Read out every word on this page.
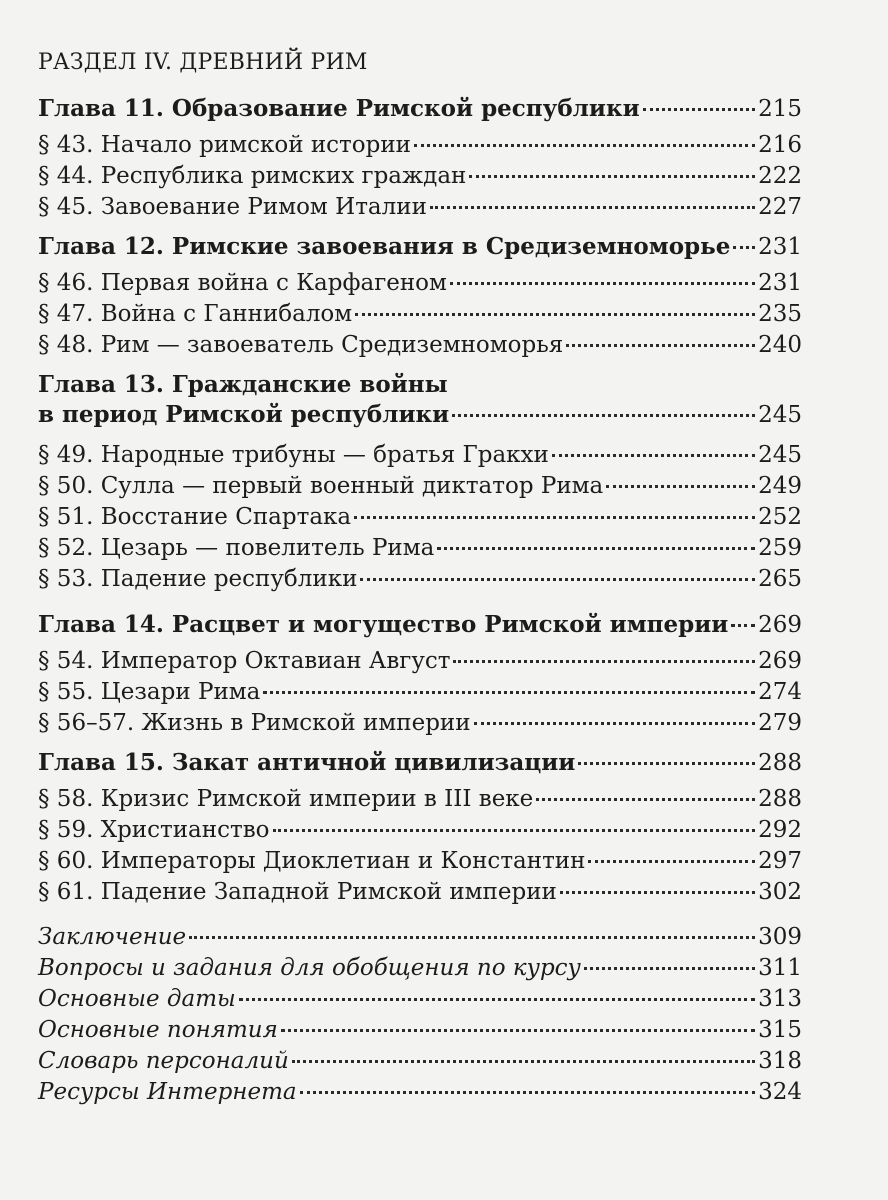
РАЗДЕЛ IV. ДРЕВНИЙ РИМ
Глава 11. Образование Римской республики	215
§ 43. Начало римской истории	216
§ 44. Республика римских граждан	222
§ 45. Завоевание Римом Италии	227
Глава 12. Римские завоевания в Средиземноморье 231
§ 46. Первая война с Карфагеном	231
§ 47. Война с Ганнибалом	235
§ 48. Рим — завоеватель Средиземноморья	240
Глава 13. Гражданские войны
в период Римской республики	245
§ 49. Народные трибуны — братья Гракхи	245
§ 50. Сулла — первый военный диктатор Рима	249
§ 51. Восстание Спартака	252
§ 52. Цезарь — повелитель Рима	259
§ 53. Падение республики	265
Глава 14. Расцвет и могущество Римской империи 269
§ 54. Император Октавиан Август	269
§ 55. Цезари Рима	274
§ 56–57. Жизнь в Римской империи	279
Глава 15. Закат античной цивилизации	288
§ 58. Кризис Римской империи в III веке	288
§ 59. Христианство	292
§ 60. Императоры Диоклетиан и Константин	297
§ 61. Падение Западной Римской империи	302
Заключение	309
Вопросы и задания для обобщения по курсу	311
Основные даты	313
Основные понятия	315
Словарь персоналий	318
Ресурсы Интернета	324
